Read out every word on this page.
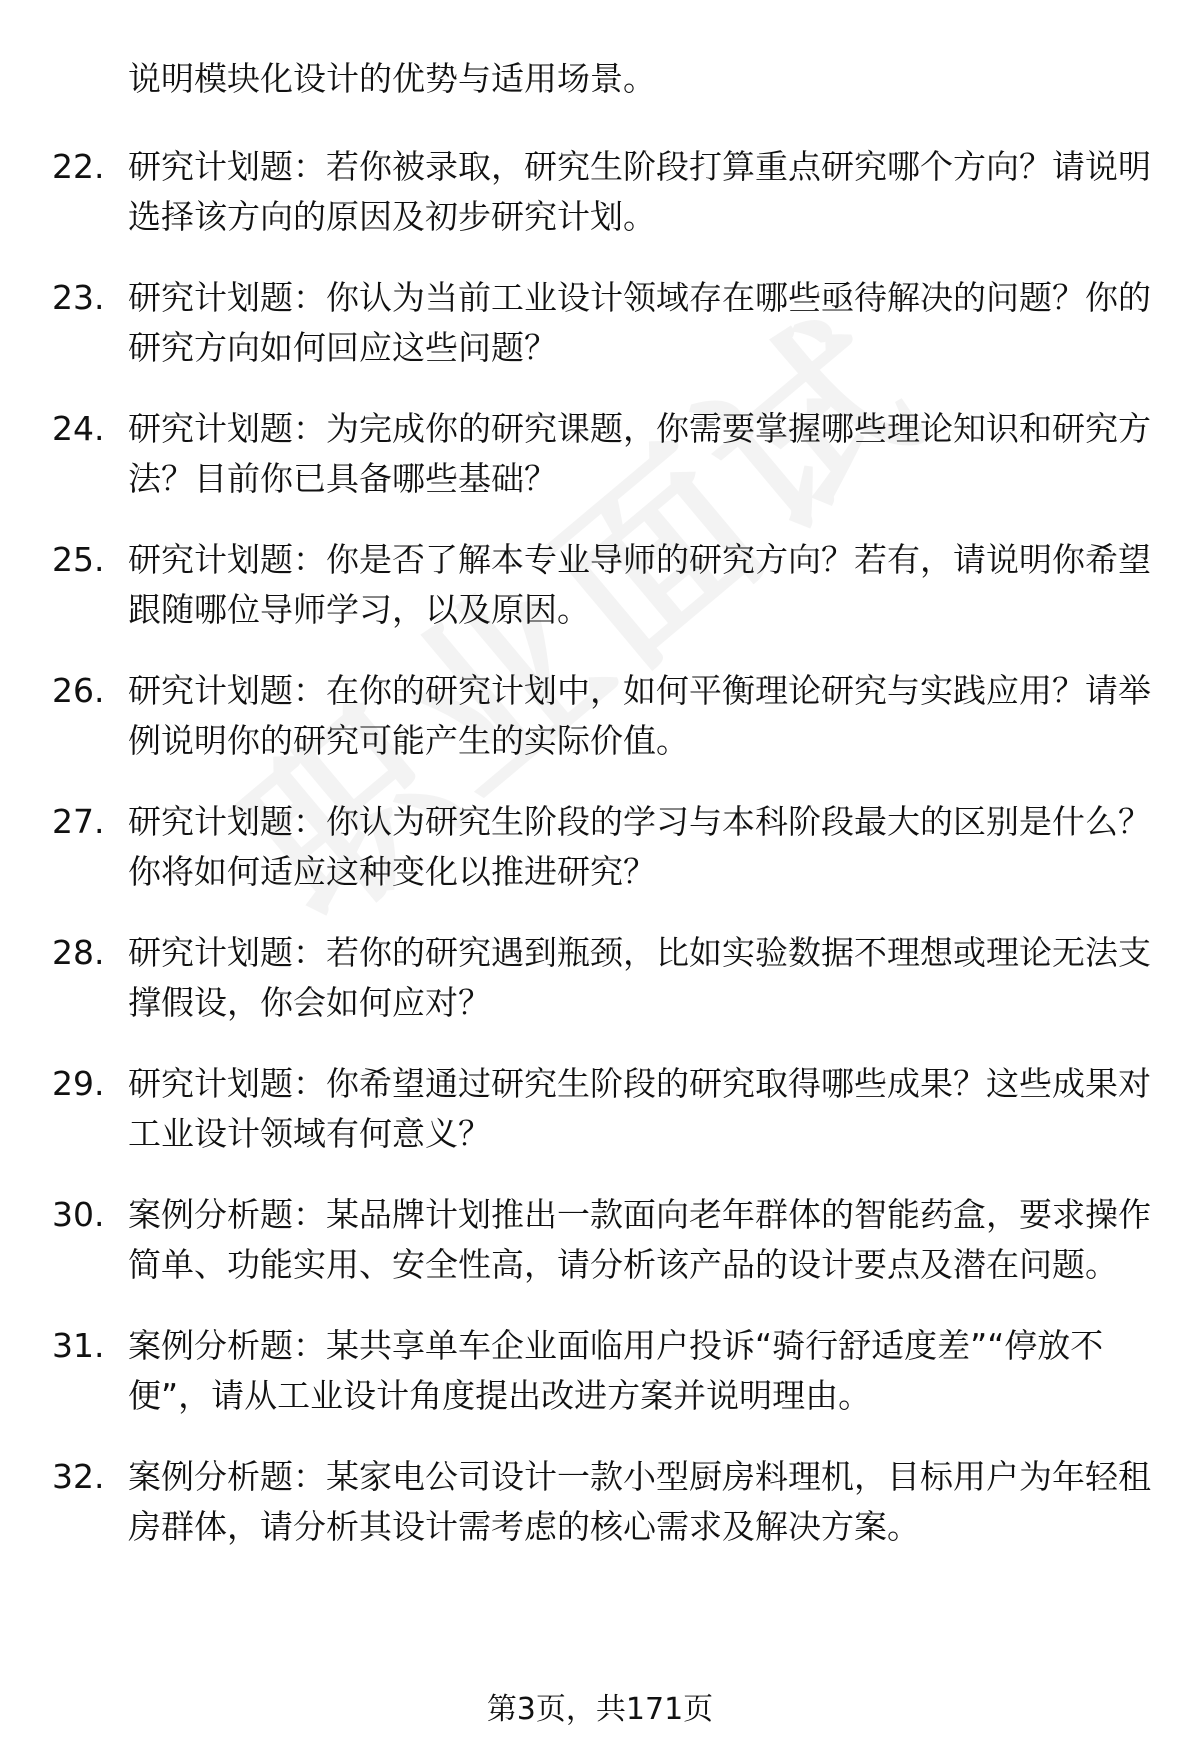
说明模块化设计的优势与适用场景。
22. 研究计划题：若你被录取，研究生阶段打算重点研究哪个方向？请说明选择该方向的原因及初步研究计划。
23. 研究计划题：你认为当前工业设计领域存在哪些亟待解决的问题？你的研究方向如何回应这些问题？
24. 研究计划题：为完成你的研究课题，你需要掌握哪些理论知识和研究方法？目前你已具备哪些基础？
25. 研究计划题：你是否了解本专业导师的研究方向？若有，请说明你希望跟随哪位导师学习，以及原因。
26. 研究计划题：在你的研究计划中，如何平衡理论研究与实践应用？请举例说明你的研究可能产生的实际价值。
27. 研究计划题：你认为研究生阶段的学习与本科阶段最大的区别是什么？你将如何适应这种变化以推进研究？
28. 研究计划题：若你的研究遇到瓶颈，比如实验数据不理想或理论无法支撑假设，你会如何应对？
29. 研究计划题：你希望通过研究生阶段的研究取得哪些成果？这些成果对工业设计领域有何意义？
30. 案例分析题：某品牌计划推出一款面向老年群体的智能药盒，要求操作简单、功能实用、安全性高，请分析该产品的设计要点及潜在问题。
31. 案例分析题：某共享单车企业面临用户投诉“骑行舒适度差”“停放不便”，请从工业设计角度提出改进方案并说明理由。
32. 案例分析题：某家电公司设计一款小型厨房料理机，目标用户为年轻租房群体，请分析其设计需考虑的核心需求及解决方案。
第3页，共171页
